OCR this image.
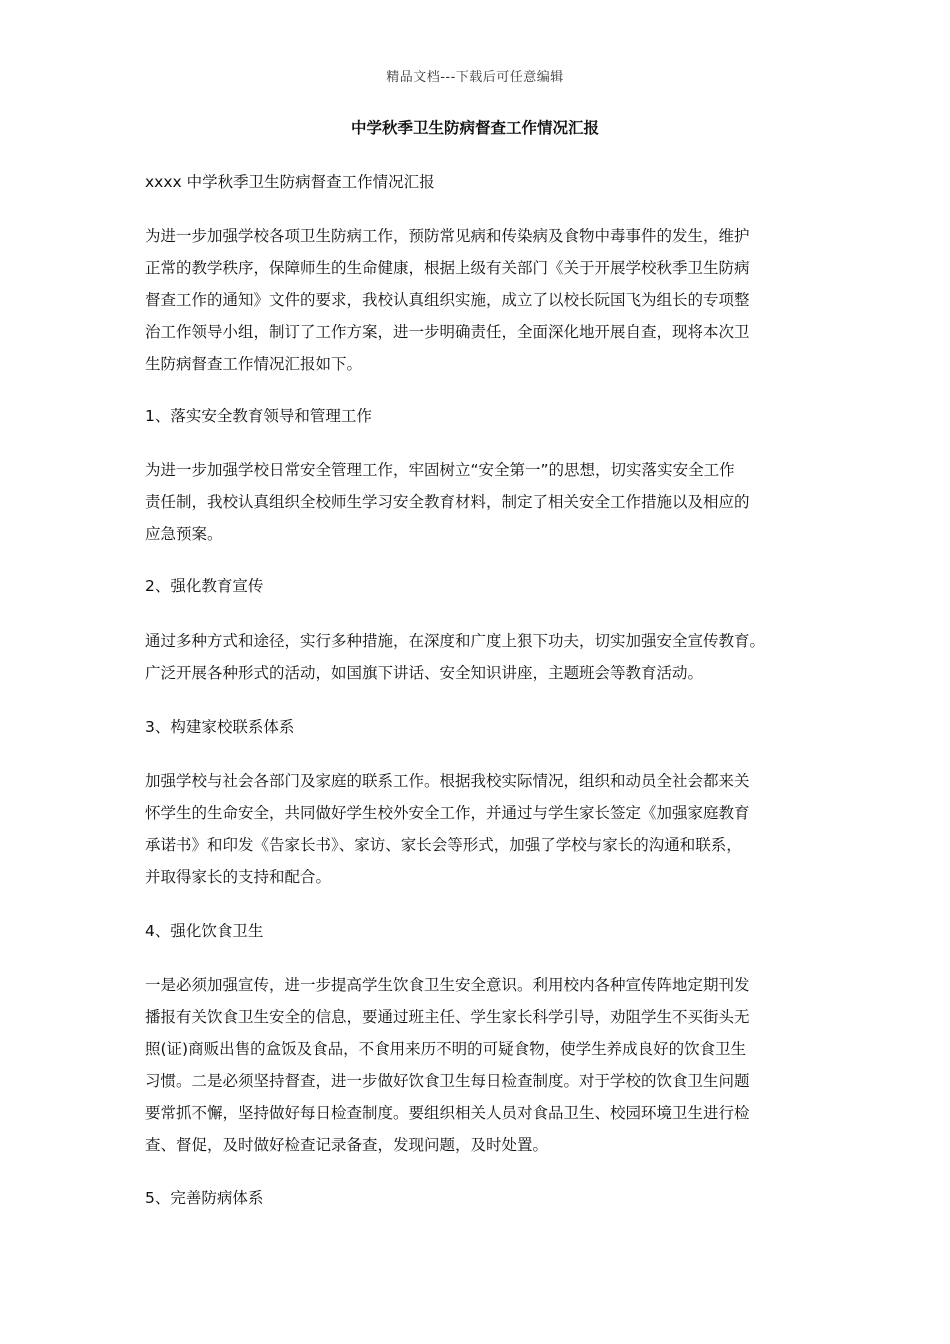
精品文档---下载后可任意编辑
中学秋季卫生防病督查工作情况汇报
xxxx 中学秋季卫生防病督查工作情况汇报
为进一步加强学校各项卫生防病工作，预防常见病和传染病及食物中毒事件的发生，维护
正常的教学秩序，保障师生的生命健康，根据上级有关部门《关于开展学校秋季卫生防病
督查工作的通知》文件的要求，我校认真组织实施，成立了以校长阮国飞为组长的专项整
治工作领导小组，制订了工作方案，进一步明确责任，全面深化地开展自查，现将本次卫
生防病督查工作情况汇报如下。
1、落实安全教育领导和管理工作
为进一步加强学校日常安全管理工作，牢固树立“安全第一”的思想，切实落实安全工作
责任制，我校认真组织全校师生学习安全教育材料，制定了相关安全工作措施以及相应的
应急预案。
2、强化教育宣传
通过多种方式和途径，实行多种措施，在深度和广度上狠下功夫，切实加强安全宣传教育。
广泛开展各种形式的活动，如国旗下讲话、安全知识讲座，主题班会等教育活动。
3、构建家校联系体系
加强学校与社会各部门及家庭的联系工作。根据我校实际情况，组织和动员全社会都来关
怀学生的生命安全，共同做好学生校外安全工作，并通过与学生家长签定《加强家庭教育
承诺书》和印发《告家长书》、家访、家长会等形式，加强了学校与家长的沟通和联系，
并取得家长的支持和配合。
4、强化饮食卫生
一是必须加强宣传，进一步提高学生饮食卫生安全意识。利用校内各种宣传阵地定期刊发
播报有关饮食卫生安全的信息，要通过班主任、学生家长科学引导，劝阻学生不买街头无
照(证)商贩出售的盒饭及食品，不食用来历不明的可疑食物，使学生养成良好的饮食卫生
习惯。二是必须坚持督查，进一步做好饮食卫生每日检查制度。对于学校的饮食卫生问题
要常抓不懈，坚持做好每日检查制度。要组织相关人员对食品卫生、校园环境卫生进行检
查、督促，及时做好检查记录备查，发现问题，及时处置。
5、完善防病体系
